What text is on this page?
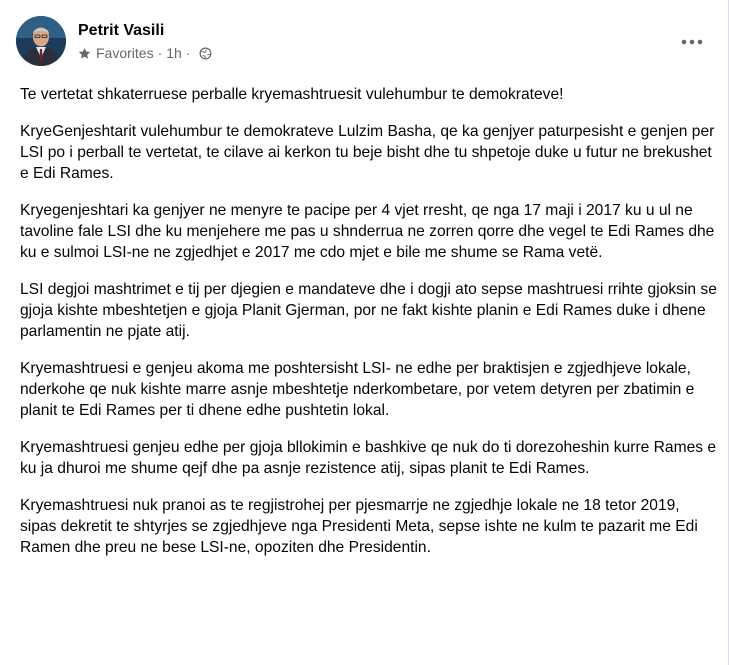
Petrit Vasili
Favorites · 1h ·

Te vertetat shkaterruese perballe kryemashtruesit vulehumbur te demokrateve!

KryeGenjeshtarit vulehumbur te demokrateve Lulzim Basha, qe ka genjyer paturpesisht e genjen per LSI po i perball te vertetat, te cilave ai kerkon tu beje bisht dhe tu shpetoje duke u futur ne brekushet e Edi Rames.

Kryegenjeshtari ka genjyer ne menyre te pacipe per 4 vjet rresht, qe nga 17 maji i 2017 ku u ul ne tavoline fale LSI dhe ku menjehere me pas u shnderrua ne zorren qorre dhe vegel te Edi Rames dhe ku e sulmoi LSI-ne ne zgjedhjet e 2017 me cdo mjet e bile me shume se Rama vetë.

LSI degjoi mashtrimet e tij per djegien e mandateve dhe i dogji ato sepse mashtruesi rrihte gjoksin se gjoja kishte mbeshtetjen e gjoja Planit Gjerman, por ne fakt kishte planin e Edi Rames duke i dhene parlamentin ne pjate atij.

Kryemashtruesi e genjeu akoma me poshtersisht LSI- ne edhe per braktisjen e zgjedhjeve lokale, nderkohe qe nuk kishte marre asnje mbeshtetje nderkombetare, por vetem detyren per zbatimin e planit te Edi Rames per ti dhene edhe pushtetin lokal.

Kryemashtruesi genjeu edhe per gjoja bllokimin e bashkive qe nuk do ti dorezoheshin kurre Rames e ku ja dhuroi me shume qejf dhe pa asnje rezistence atij, sipas planit te Edi Rames.

Kryemashtruesi nuk pranoi as te regjistrohej per pjesmarrje ne zgjedhje lokale ne 18 tetor 2019, sipas dekretit te shtyrjes se zgjedhjeve nga Presidenti Meta, sepse ishte ne kulm te pazarit me Edi Ramen dhe preu ne bese LSI-ne, opoziten dhe Presidentin.
